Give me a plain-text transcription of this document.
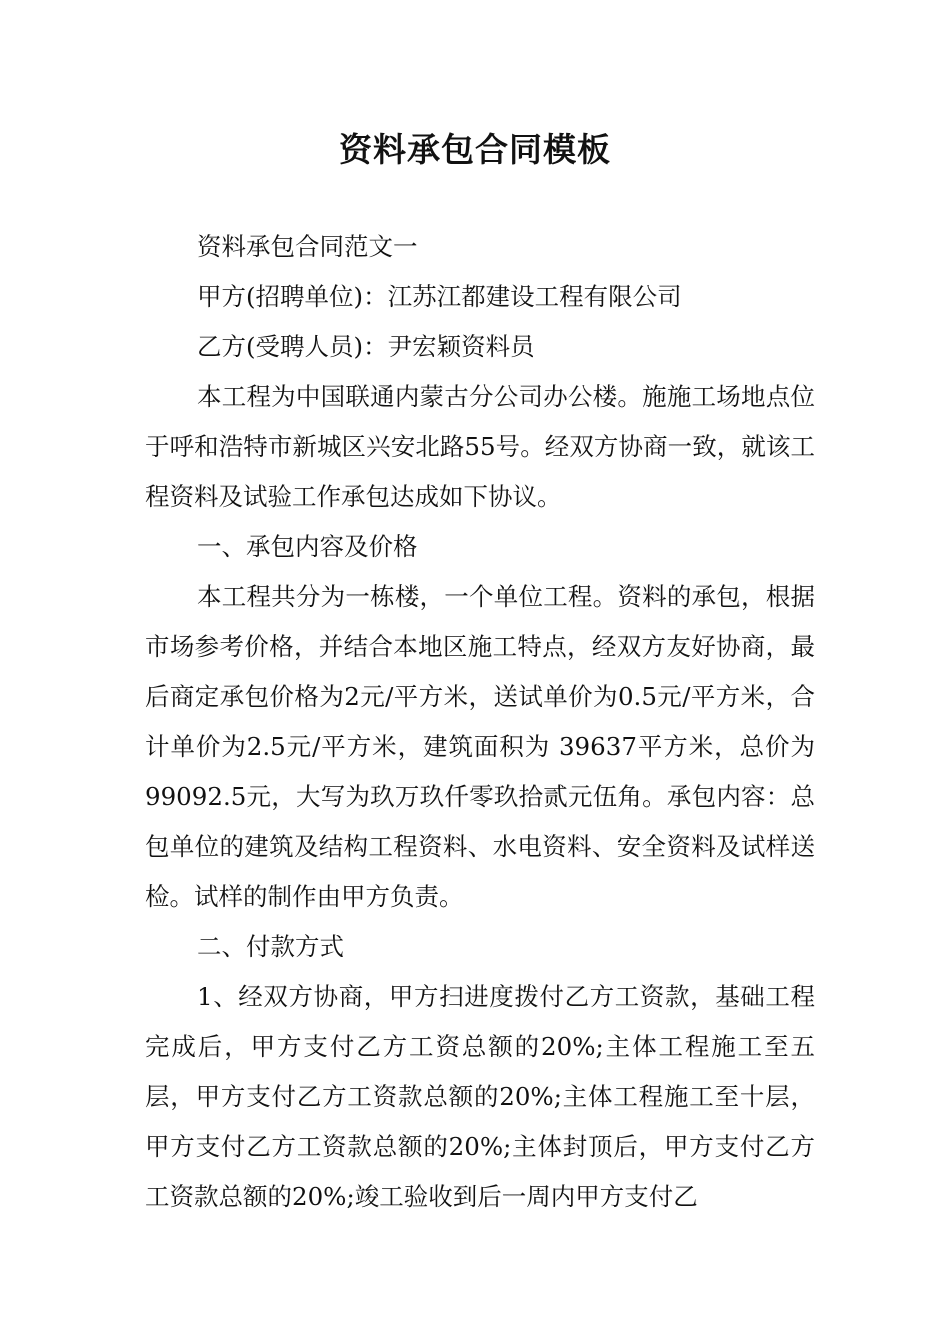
资料承包合同模板

资料承包合同范文一

甲方(招聘单位)：江苏江都建设工程有限公司

乙方(受聘人员)：尹宏颖资料员

本工程为中国联通内蒙古分公司办公楼。施施工场地点位于呼和浩特市新城区兴安北路55号。经双方协商一致，就该工程资料及试验工作承包达成如下协议。

一、承包内容及价格

本工程共分为一栋楼，一个单位工程。资料的承包，根据市场参考价格，并结合本地区施工特点，经双方友好协商，最后商定承包价格为2元/平方米，送试单价为0.5元/平方米，合计单价为2.5元/平方米，建筑面积为 39637平方米，总价为99092.5元，大写为玖万玖仟零玖拾贰元伍角。承包内容：总包单位的建筑及结构工程资料、水电资料、安全资料及试样送检。试样的制作由甲方负责。

二、付款方式

1、经双方协商，甲方扫进度拨付乙方工资款，基础工程完成后，甲方支付乙方工资总额的20%;主体工程施工至五层，甲方支付乙方工资款总额的20%;主体工程施工至十层，甲方支付乙方工资款总额的20%;主体封顶后，甲方支付乙方工资款总额的20%;竣工验收到后一周内甲方支付乙
